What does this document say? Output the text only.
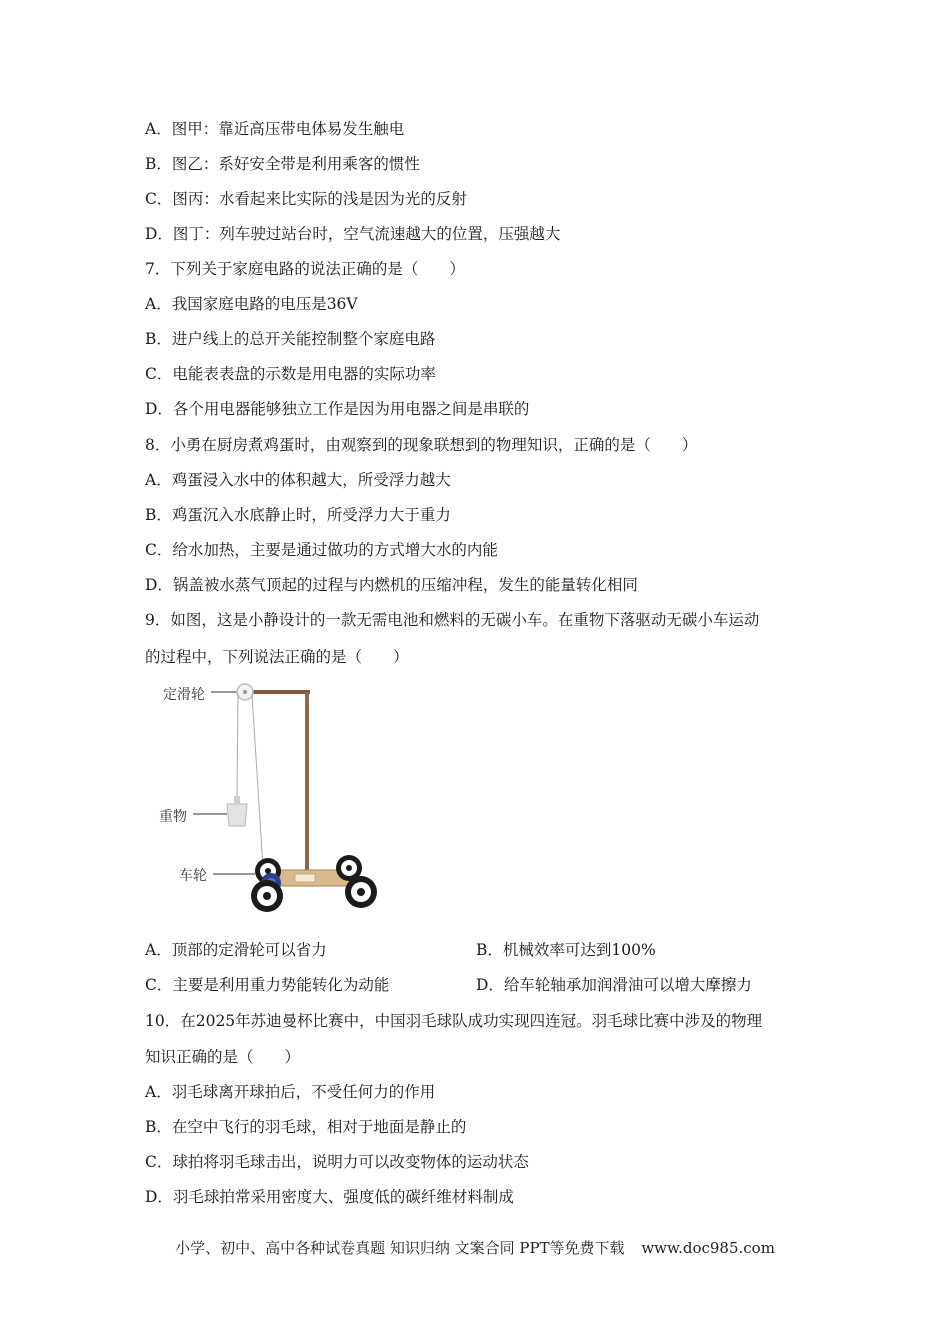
A．图甲：靠近高压带电体易发生触电
B．图乙：系好安全带是利用乘客的惯性
C．图丙：水看起来比实际的浅是因为光的反射
D．图丁：列车驶过站台时，空气流速越大的位置，压强越大
7．下列关于家庭电路的说法正确的是（　　）
A．我国家庭电路的电压是36V
B．进户线上的总开关能控制整个家庭电路
C．电能表表盘的示数是用电器的实际功率
D．各个用电器能够独立工作是因为用电器之间是串联的
8．小勇在厨房煮鸡蛋时，由观察到的现象联想到的物理知识，正确的是（　　）
A．鸡蛋浸入水中的体积越大，所受浮力越大
B．鸡蛋沉入水底静止时，所受浮力大于重力
C．给水加热，主要是通过做功的方式增大水的内能
D．锅盖被水蒸气顶起的过程与内燃机的压缩冲程，发生的能量转化相同
9．如图，这是小静设计的一款无需电池和燃料的无碳小车。在重物下落驱动无碳小车运动
的过程中，下列说法正确的是（　　）
定滑轮
重物
车轮
A．顶部的定滑轮可以省力	B．机械效率可达到100%
C．主要是利用重力势能转化为动能	D．给车轮轴承加润滑油可以增大摩擦力
10．在2025年苏迪曼杯比赛中，中国羽毛球队成功实现四连冠。羽毛球比赛中涉及的物理
知识正确的是（　　）
A．羽毛球离开球拍后，不受任何力的作用
B．在空中飞行的羽毛球，相对于地面是静止的
C．球拍将羽毛球击出，说明力可以改变物体的运动状态
D．羽毛球拍常采用密度大、强度低的碳纤维材料制成
小学、初中、高中各种试卷真题 知识归纳 文案合同 PPT等免费下载 www.doc985.com
